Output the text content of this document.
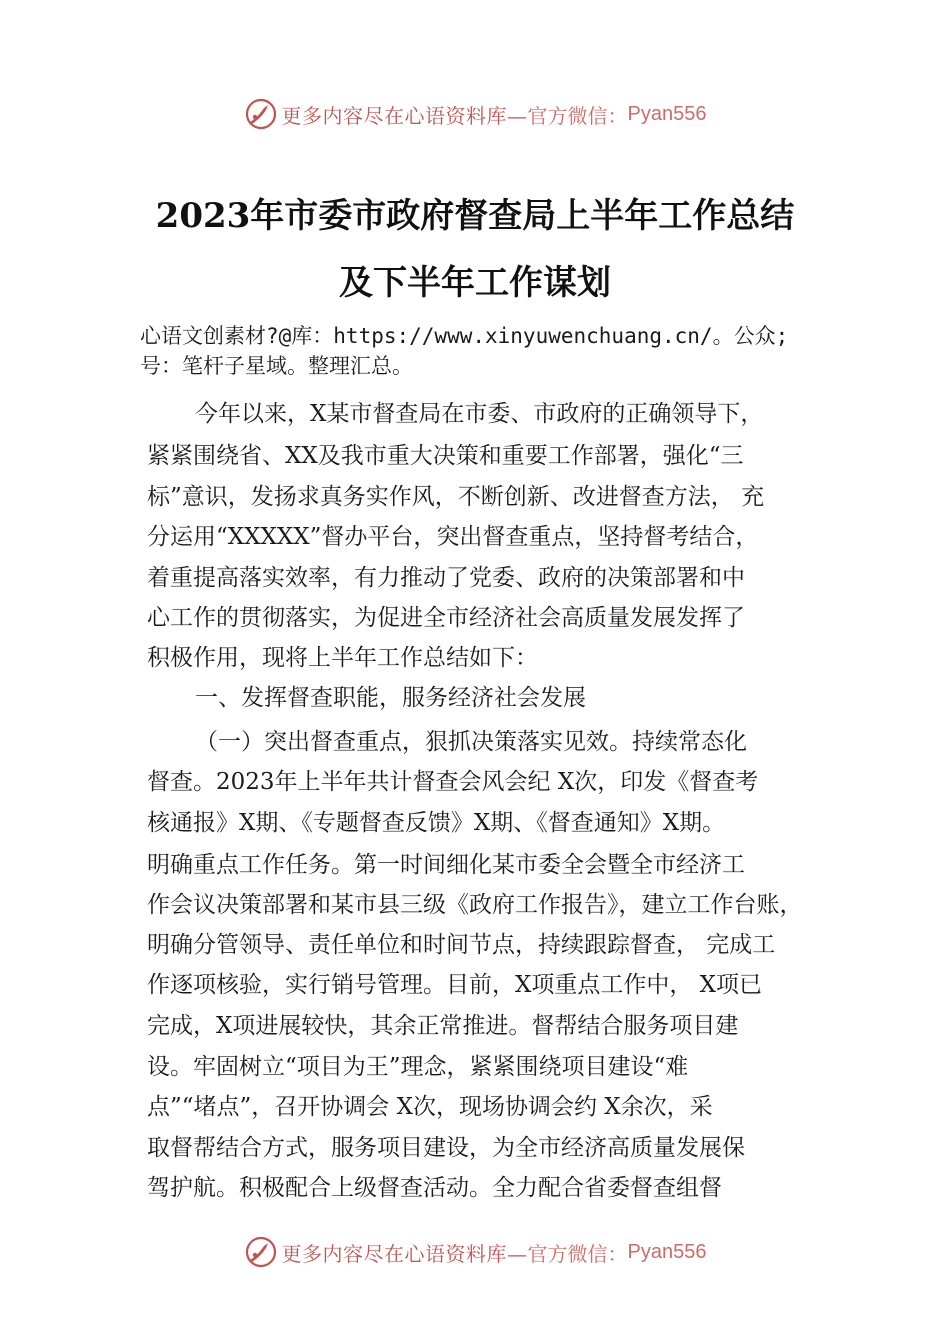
更多内容尽在心语资料库— 官方微信： Pyan556
2023年市委市政府督查局上半年工作总结
及下半年工作谋划
心语文创素材?@库：https://www.xinyuwenchuang.cn/。公众;
号：笔杆子星域。整理汇总。
今年以来，X某市督查局在市委、市政府的正确领导下，
紧紧围绕省、XX及我市重大决策和重要工作部署，强化“三
标”意识，发扬求真务实作风，不断创新、改进督查方法， 充
分运用“XXXXX”督办平台，突出督查重点，坚持督考结合，
着重提高落实效率，有力推动了党委、政府的决策部署和中
心工作的贯彻落实，为促进全市经济社会高质量发展发挥了
积极作用，现将上半年工作总结如下：
一、发挥督查职能，服务经济社会发展
（一）突出督查重点，狠抓决策落实见效。持续常态化
督查。2023年上半年共计督查会风会纪 X次，印发《督查考
核通报》X期、《专题督查反馈》X期、《督查通知》X期。
明确重点工作任务。第一时间细化某市委全会暨全市经济工
作会议决策部署和某市县三级《政府工作报告》，建立工作台账，
明确分管领导、责任单位和时间节点，持续跟踪督查， 完成工
作逐项核验，实行销号管理。目前，X项重点工作中， X项已
完成，X项进展较快，其余正常推进。督帮结合服务项目建
设。牢固树立“项目为王”理念，紧紧围绕项目建设“难
点”“堵点”，召开协调会 X次，现场协调会约 X余次，采
取督帮结合方式，服务项目建设，为全市经济高质量发展保
驾护航。积极配合上级督查活动。全力配合省委督查组督
更多内容尽在心语资料库— 官方微信： Pyan556
